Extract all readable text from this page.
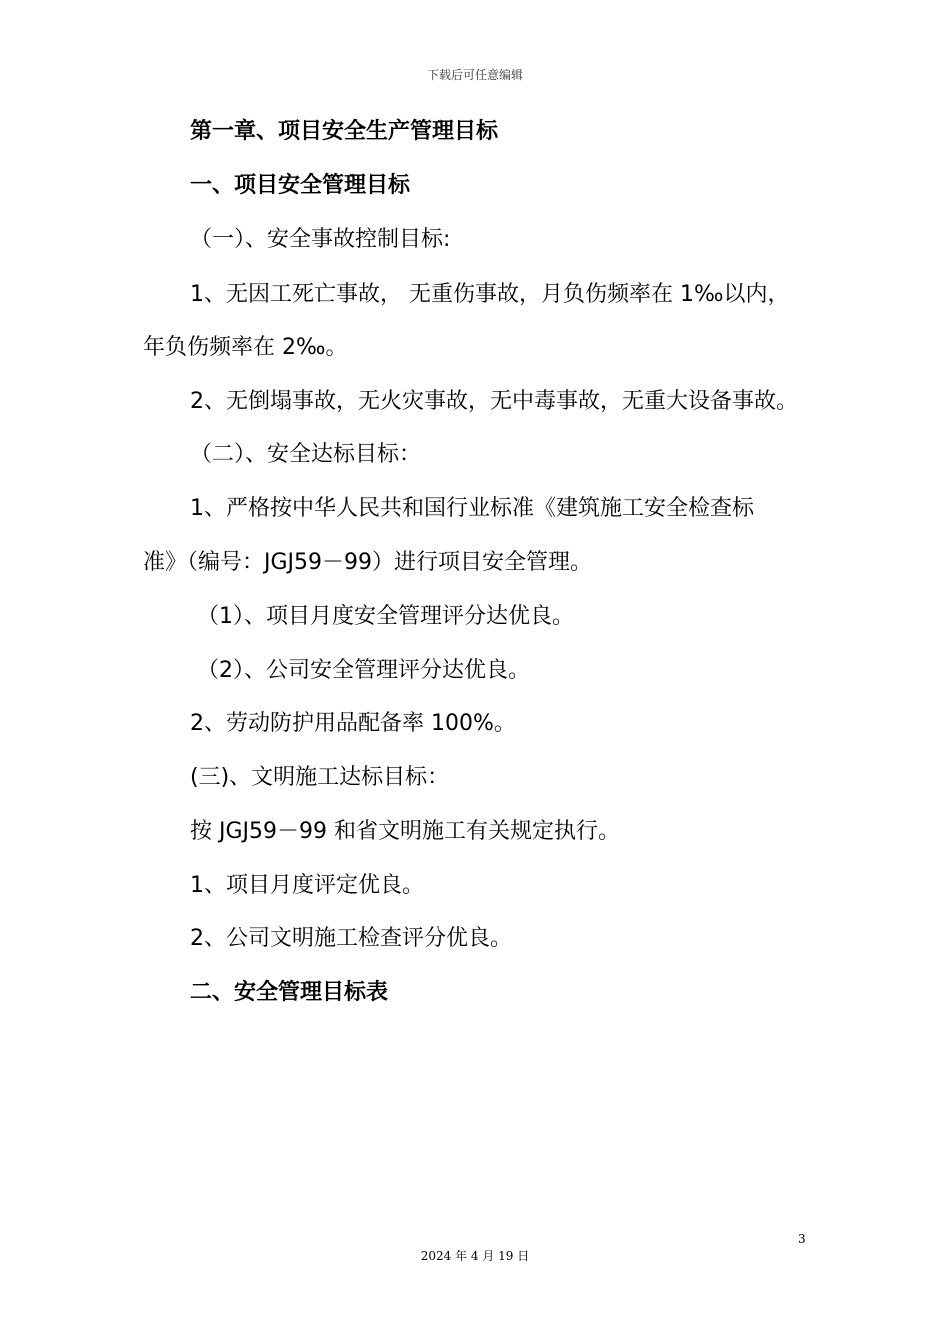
下载后可任意编辑
第一章、项目安全生产管理目标
一、项目安全管理目标
（一）、安全事故控制目标:
1、无因工死亡事故， 无重伤事故，月负伤频率在 1‰以内，
年负伤频率在 2‰。
2、无倒塌事故，无火灾事故，无中毒事故，无重大设备事故。
（二）、安全达标目标：
1、严格按中华人民共和国行业标准《建筑施工安全检查标
准》（编号：JGJ59－99）进行项目安全管理。
（1）、项目月度安全管理评分达优良。
（2）、公司安全管理评分达优良。
2、劳动防护用品配备率 100%。
(三)、文明施工达标目标：
按 JGJ59－99 和省文明施工有关规定执行。
1、项目月度评定优良。
2、公司文明施工检查评分优良。
二、安全管理目标表
3
2024 年 4 月 19 日
